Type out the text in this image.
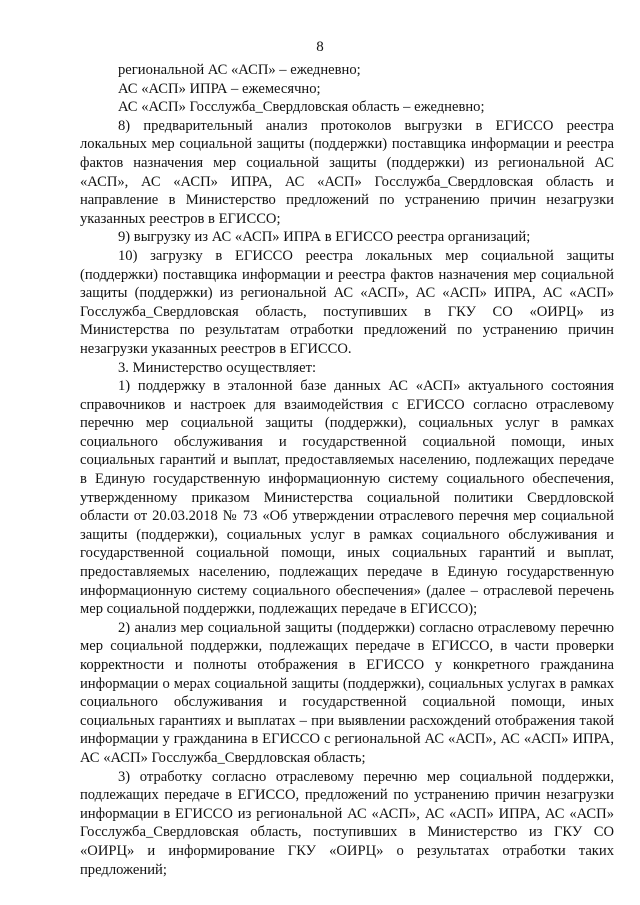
8

региональной АС «АСП» – ежедневно;

АС «АСП» ИПРА – ежемесячно;

АС «АСП» Госслужба_Свердловская область – ежедневно;

8) предварительный анализ протоколов выгрузки в ЕГИССО реестра локальных мер социальной защиты (поддержки) поставщика информации и реестра фактов назначения мер социальной защиты (поддержки) из региональной АС «АСП», АС «АСП» ИПРА, АС «АСП» Госслужба_Свердловская область и направление в Министерство предложений по устранению причин незагрузки указанных реестров в ЕГИССО;

9) выгрузку из АС «АСП» ИПРА в ЕГИССО реестра организаций;

10) загрузку в ЕГИССО реестра локальных мер социальной защиты (поддержки) поставщика информации и реестра фактов назначения мер социальной защиты (поддержки) из региональной АС «АСП», АС «АСП» ИПРА, АС «АСП» Госслужба_Свердловская область, поступивших в ГКУ СО «ОИРЦ» из Министерства по результатам отработки предложений по устранению причин незагрузки указанных реестров в ЕГИССО.

3. Министерство осуществляет:

1) поддержку в эталонной базе данных АС «АСП» актуального состояния справочников и настроек для взаимодействия с ЕГИССО согласно отраслевому перечню мер социальной защиты (поддержки), социальных услуг в рамках социального обслуживания и государственной социальной помощи, иных социальных гарантий и выплат, предоставляемых населению, подлежащих передаче в Единую государственную информационную систему социального обеспечения, утвержденному приказом Министерства социальной политики Свердловской области от 20.03.2018 № 73 «Об утверждении отраслевого перечня мер социальной защиты (поддержки), социальных услуг в рамках социального обслуживания и государственной социальной помощи, иных социальных гарантий и выплат, предоставляемых населению, подлежащих передаче в Единую государственную информационную систему социального обеспечения» (далее – отраслевой перечень мер социальной поддержки, подлежащих передаче в ЕГИССО);

2) анализ мер социальной защиты (поддержки) согласно отраслевому перечню мер социальной поддержки, подлежащих передаче в ЕГИССО, в части проверки корректности и полноты отображения в ЕГИССО у конкретного гражданина информации о мерах социальной защиты (поддержки), социальных услугах в рамках социального обслуживания и государственной социальной помощи, иных социальных гарантиях и выплатах – при выявлении расхождений отображения такой информации у гражданина в ЕГИССО с региональной АС «АСП», АС «АСП» ИПРА, АС «АСП» Госслужба_Свердловская область;

3) отработку согласно отраслевому перечню мер социальной поддержки, подлежащих передаче в ЕГИССО, предложений по устранению причин незагрузки информации в ЕГИССО из региональной АС «АСП», АС «АСП» ИПРА, АС «АСП» Госслужба_Свердловская область, поступивших в Министерство из ГКУ СО «ОИРЦ» и информирование ГКУ «ОИРЦ» о результатах отработки таких предложений;
